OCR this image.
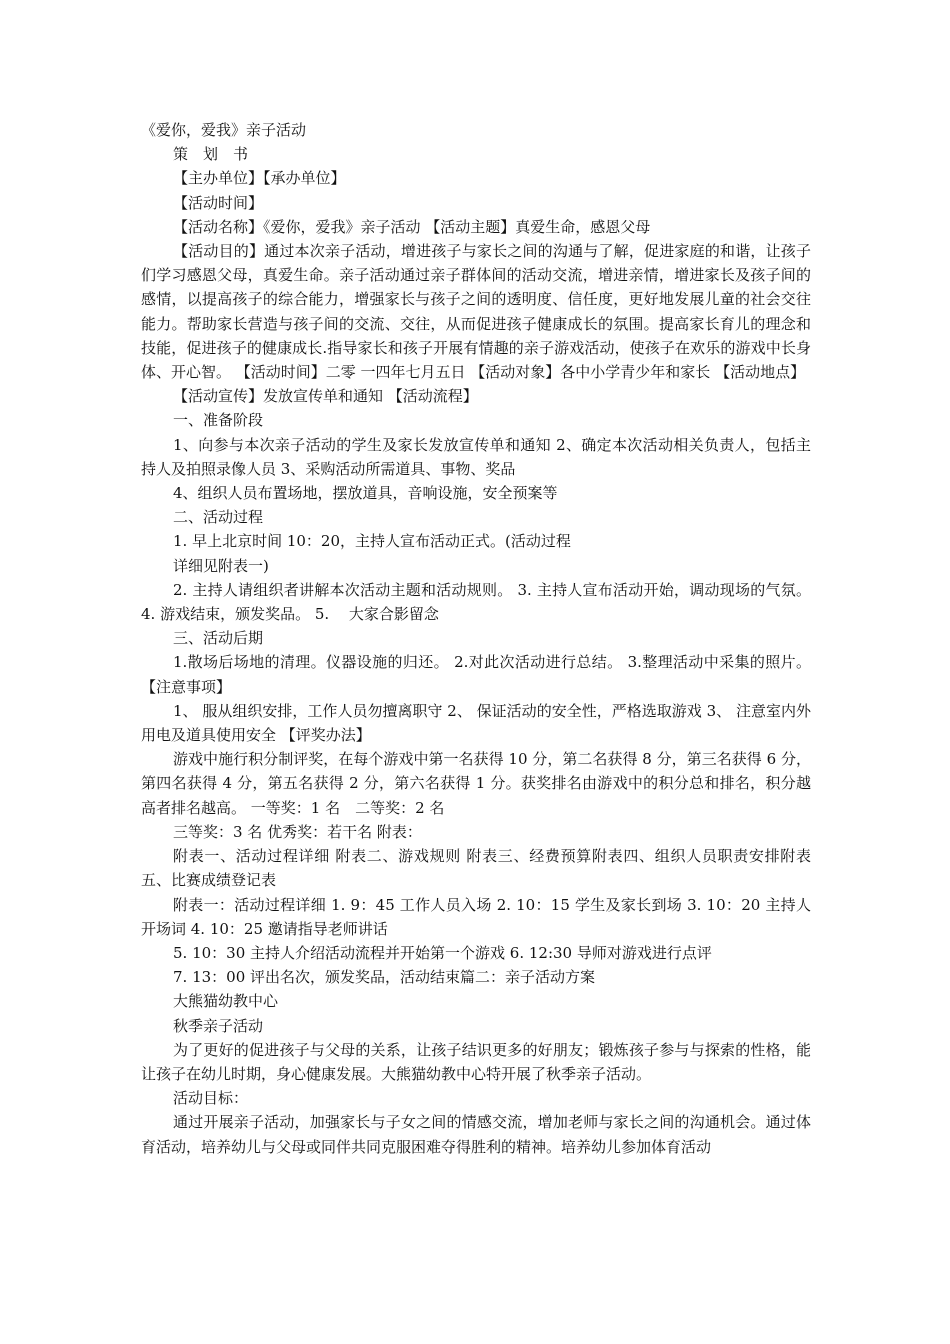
《爱你，爱我》亲子活动

策　划　书

【主办单位】【承办单位】

【活动时间】

【活动名称】《爱你，爱我》亲子活动 【活动主题】真爱生命，感恩父母

【活动目的】通过本次亲子活动，增进孩子与家长之间的沟通与了解，促进家庭的和谐，让孩子们学习感恩父母，真爱生命。亲子活动通过亲子群体间的活动交流，增进亲情，增进家长及孩子间的感情，以提高孩子的综合能力，增强家长与孩子之间的透明度、信任度，更好地发展儿童的社会交往能力。帮助家长营造与孩子间的交流、交往，从而促进孩子健康成长的氛围。提高家长育儿的理念和技能，促进孩子的健康成长.指导家长和孩子开展有情趣的亲子游戏活动，使孩子在欢乐的游戏中长身体、开心智。 【活动时间】二零 一四年七月五日 【活动对象】各中小学青少年和家长 【活动地点】

【活动宣传】发放宣传单和通知 【活动流程】

一、准备阶段

1、向参与本次亲子活动的学生及家长发放宣传单和通知 2、确定本次活动相关负责人，包括主持人及拍照录像人员 3、采购活动所需道具、事物、奖品

4、组织人员布置场地，摆放道具，音响设施，安全预案等

二、活动过程

1. 早上北京时间 10：20，主持人宣布活动正式。(活动过程

详细见附表一)

2. 主持人请组织者讲解本次活动主题和活动规则。 3. 主持人宣布活动开始，调动现场的气氛。 4. 游戏结束，颁发奖品。 5.　 大家合影留念

三、活动后期

1.散场后场地的清理。仪器设施的归还。 2.对此次活动进行总结。 3.整理活动中采集的照片。 【注意事项】

1、 服从组织安排，工作人员勿擅离职守 2、 保证活动的安全性，严格选取游戏 3、 注意室内外用电及道具使用安全 【评奖办法】

游戏中施行积分制评奖，在每个游戏中第一名获得 10 分，第二名获得 8 分，第三名获得 6 分，第四名获得 4 分，第五名获得 2 分，第六名获得 1 分。获奖排名由游戏中的积分总和排名，积分越高者排名越高。 一等奖：1 名　二等奖：2 名

三等奖：3 名 优秀奖：若干名 附表：

附表一、活动过程详细 附表二、游戏规则 附表三、经费预算附表四、组织人员职责安排附表五、比赛成绩登记表

附表一：活动过程详细 1. 9：45 工作人员入场 2. 10：15 学生及家长到场 3. 10：20 主持人开场词 4. 10：25 邀请指导老师讲话

5. 10：30 主持人介绍活动流程并开始第一个游戏 6. 12:30 导师对游戏进行点评

7. 13：00 评出名次，颁发奖品，活动结束篇二：亲子活动方案

大熊猫幼教中心

秋季亲子活动

为了更好的促进孩子与父母的关系，让孩子结识更多的好朋友；锻炼孩子参与与探索的性格，能让孩子在幼儿时期，身心健康发展。大熊猫幼教中心特开展了秋季亲子活动。

活动目标：

通过开展亲子活动，加强家长与子女之间的情感交流，增加老师与家长之间的沟通机会。通过体育活动，培养幼儿与父母或同伴共同克服困难夺得胜利的精神。培养幼儿参加体育活动
